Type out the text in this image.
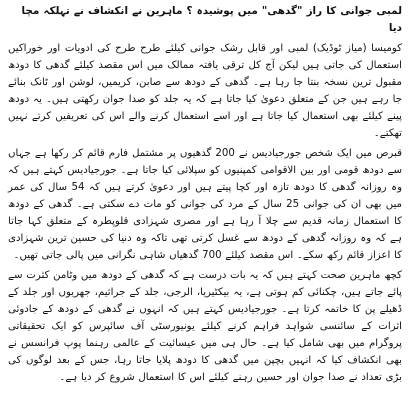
لمبی جوانی کا راز "گدھی" میں پوشیدہ ؟ ماہرین نے انکشاف نے تہلکہ مچا دیا

کومیسا (میاز ٹوڈیک) لمبی اور قابل رشک جوانی کیلئے طرح طرح کی ادویات اور خوراکیں استعمال کی جاتی ہیں لیکن آج کل ترقی یافتہ ممالک میں اس مقصد کیلئے گدھی کا دودھ مقبول ترین نسخہ بنتا جا رہا ہے۔ گدھی کے دودھ سے صابن، کریمیں، لوشن اور ٹانک بنائے جا رہے ہیں جن کے متعلق دعویٰ کیا جاتا ہے کہ یہ جلد کو صدا جوان رکھتی ہیں۔ یہ دودھ پینے کیلئے بھی استعمال کیا جاتا ہے اور اسے استعمال کرنے والے اس کی تعریفیں کرتے نہیں تھکتے۔

قبرص میں ایک شخص جورجیادیس نے 200 گدھیوں پر مشتمل فارم قائم کر رکھا ہے جہاں سے دودھ قومی اور بین الاقوامی کمپنیوں کو سپلائی کیا جاتا ہے۔ جورجیادیس کہتے ہیں کہ وہ روزانہ گدھی کا دودھ تازہ اور کچا پیتے ہیں اور دعویٰ کرتے ہیں کہ 54 سال کی عمر میں بھی ان کی جوانی 25 سال کے مرد کی جوانی کو مات دے سکتی ہے۔ گدھی کے دودھ کا استعمال زمانہ قدیم سے چلا آ رہا ہے اور مصری شہزادی قلوپطرہ کے متعلق کہا جاتا ہے کہ وہ روزانہ گدھی کے دودھ سے غسل کرتی تھی تاکہ وہ دنیا کی حسین ترین شہزادی کا اعزاز قائم رکھ سکے۔ اس مقصد کیلئے 700 گدھیاں شاہی نگرانی میں پالی جاتی تھیں۔

کچھ ماہرین صحت کہتے ہیں کہ یہ بات درست ہے کہ گدھی کے دودھ میں وٹامن کثرت سے پائے جاتے ہیں، چکنائی کم ہوتی ہے، یہ بیکٹیریا، الرجی، جلد کے جراثیم، جھریوں اور جلد کے ڈھیلے پن کا خاتمہ کرتا ہے۔ جورجیادیس کہتے ہیں کہ انہوں نے گدھی کے دودھ کے جادوئی اثرات کے سائنسی شواہد فراہم کرنے کیلئے یونیورسٹی آف سائپرس کو ایک تحقیقاتی پروگرام میں بھی شامل کیا ہے۔ حال ہی میں عیسائیت کے عالمی رہنما پوپ فرانسس نے بھی انکشاف کیا کہ انہیں بچپن میں گدھی کا دودھ پلایا جاتا رہا، جس کے بعد لوگوں کی بڑی تعداد نے صدا جوان اور حسین رہنے کیلئے اس کا استعمال شروع کر دیا ہے۔
